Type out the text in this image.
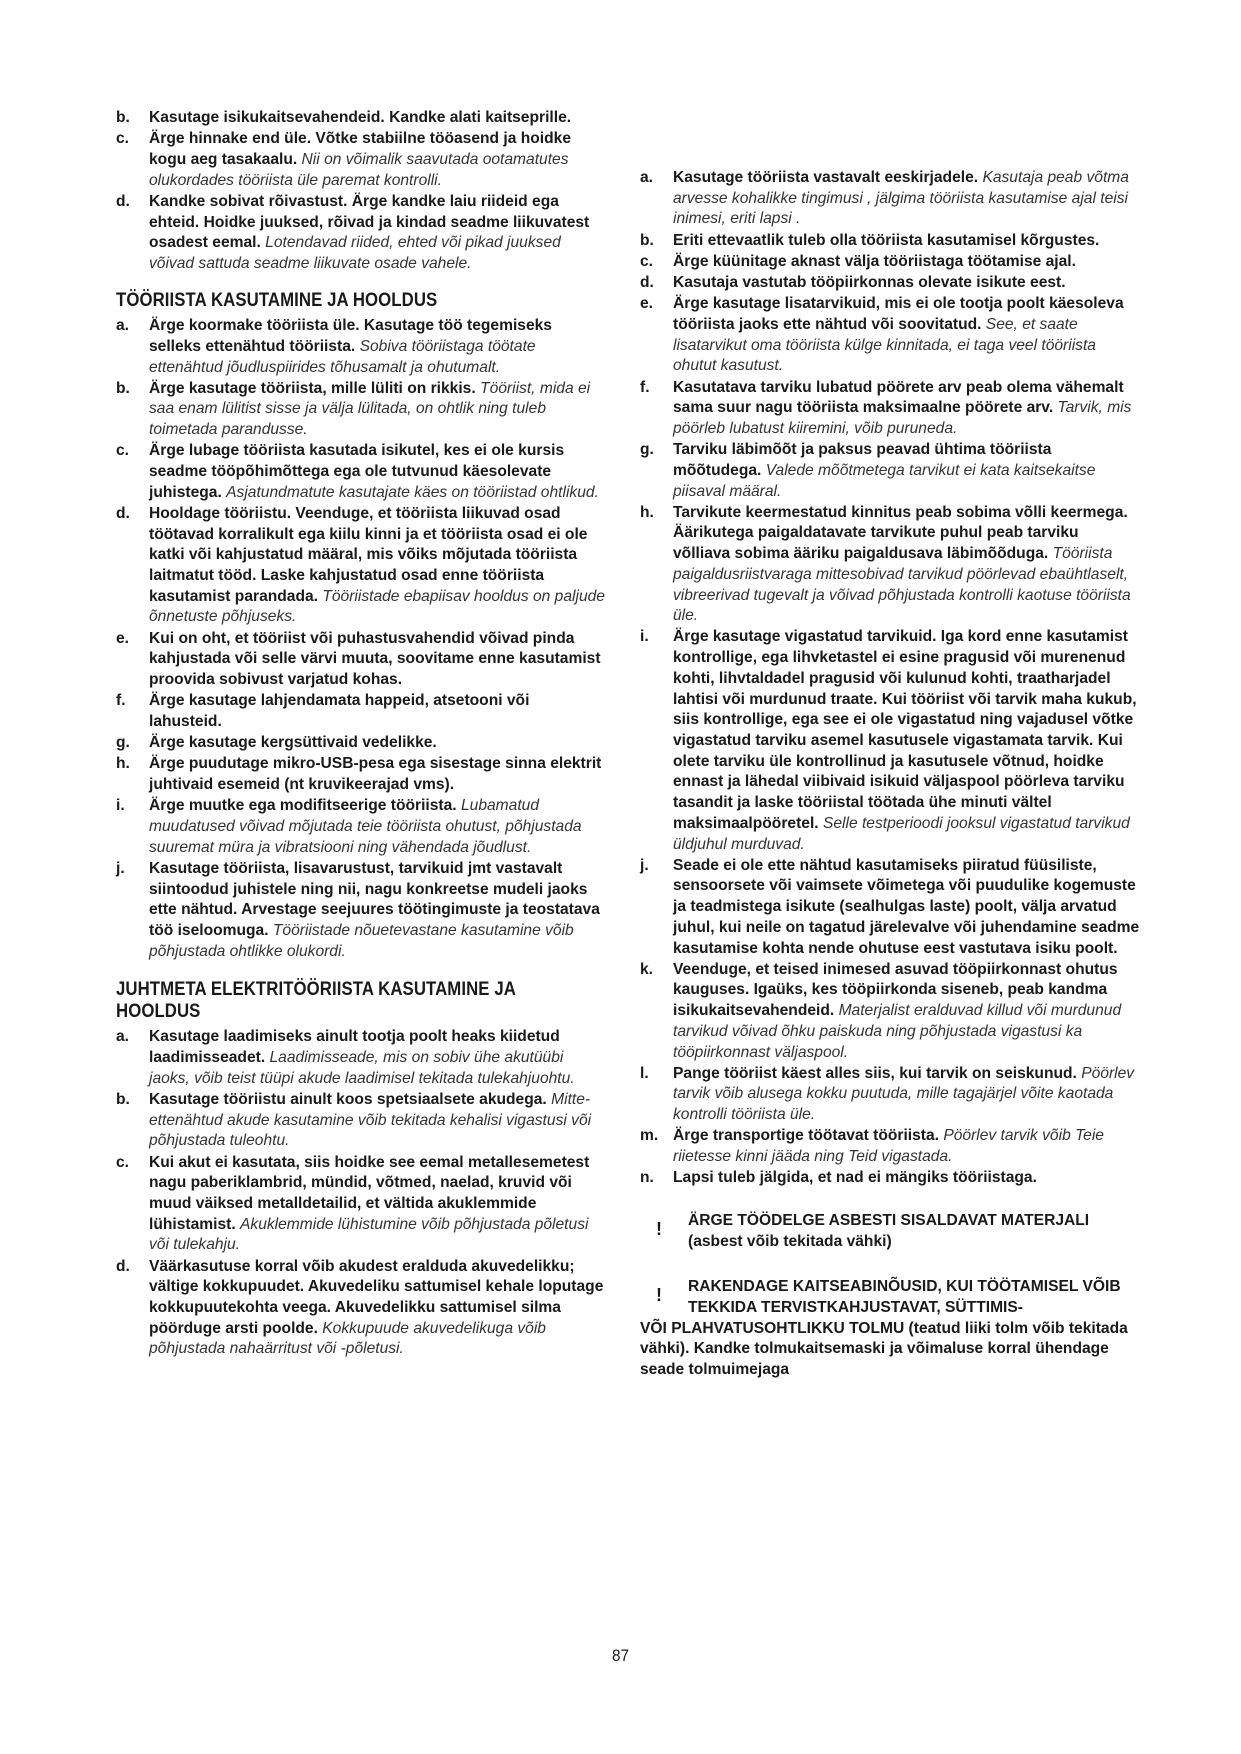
b. Kasutage isikukaitsevahendeid. Kandke alati kaitseprille.
c. Ärge hinnake end üle. Võtke stabiilne tööasend ja hoidke kogu aeg tasakaalu. Nii on võimalik saavutada ootamatutes olukordades tööriista üle paremat kontrolli.
d. Kandke sobivat rõivastust. Ärge kandke laiu riideid ega ehteid. Hoidke juuksed, rõivad ja kindad seadme liikuvatest osadest eemal. Lotendavad riided, ehted või pikad juuksed võivad sattuda seadme liikuvate osade vahele.
TÖÖRIISTA KASUTAMINE JA HOOLDUS
a. Ärge koormake tööriista üle. Kasutage töö tegemiseks selleks ettenähtud tööriista. Sobiva tööriistaga töötate ettenähtud jõudluspiirides tõhusamalt ja ohutumalt.
b. Ärge kasutage tööriista, mille lüliti on rikkis. Tööriist, mida ei saa enam lülitist sisse ja välja lülitada, on ohtlik ning tuleb toimetada parandusse.
c. Ärge lubage tööriista kasutada isikutel, kes ei ole kursis seadme tööpõhimõttega ega ole tutvunud käesolevate juhistega. Asjatundmatute kasutajate käes on tööriistad ohtlikud.
d. Hooldage tööriistu. Veenduge, et tööriista liikuvad osad töötavad korralikult ega kiilu kinni ja et tööriista osad ei ole katki või kahjustatud määral, mis võiks mõjutada tööriista laitmatut tööd. Laske kahjustatud osad enne tööriista kasutamist parandada. Tööriistade ebapiisav hooldus on paljude õnnetuste põhjuseks.
e. Kui on oht, et tööriist või puhastusvahendid võivad pinda kahjustada või selle värvi muuta, soovitame enne kasutamist proovida sobivust varjatud kohas.
f. Ärge kasutage lahjendamata happeid, atsetooni või lahusteid.
g. Ärge kasutage kergsüttivaid vedelikke.
h. Ärge puudutage mikro-USB-pesa ega sisestage sinna elektrit juhtivaid esemeid (nt kruvikeerajad vms).
i. Ärge muutke ega modifitseerige tööriista. Lubamatud muudatused võivad mõjutada teie tööriista ohutust, põhjustada suuremat müra ja vibratsiooni ning vähendada jõudlust.
j. Kasutage tööriista, lisavarustust, tarvikuid jmt vastavalt siintoodud juhistele ning nii, nagu konkreetse mudeli jaoks ette nähtud. Arvestage seejuures töötingimuste ja teostatava töö iseloomuga. Tööriistade nõuetevastane kasutamine võib põhjustada ohtlikke olukordi.
JUHTMETA ELEKTRITÖÖRIISTA KASUTAMINE JA HOOLDUS
a. Kasutage laadimiseks ainult tootja poolt heaks kiidetud laadimisseadet. Laadimisseade, mis on sobiv ühe akutüübi jaoks, võib teist tüüpi akude laadimisel tekitada tulekahjuohtu.
b. Kasutage tööriistu ainult koos spetsiaalsete akudega. Mitte-ettenähtud akude kasutamine võib tekitada kehalisi vigastusi või põhjustada tuleohtu.
c. Kui akut ei kasutata, siis hoidke see eemal metallesemetest nagu paberiklambrid, mündid, võtmed, naelad, kruvid või muud väiksed metalldetailid, et vältida akuklemmide lühistamist. Akuklemmide lühistumine võib põhjustada põletusi või tulekahju.
d. Väärkasutuse korral võib akudest eralduda akuvedelikku; vältige kokkupuudet. Akuvedeliku sattumisel kehale loputage kokkupuutekohta veega. Akuvedelikku sattumisel silma pöörduge arsti poolde. Kokkupuude akuvedelikuga võib põhjustada nahaärritust või -põletusi.
a. Kasutage tööriista vastavalt eeskirjadele. Kasutaja peab võtma arvesse kohalikke tingimusi , jälgima tööriista kasutamise ajal teisi inimesi, eriti lapsi .
b. Eriti ettevaatlik tuleb olla tööriista kasutamisel kõrgustes.
c. Ärge küünitage aknast välja tööriistaga töötamise ajal.
d. Kasutaja vastutab tööpiirkonnas olevate isikute eest.
e. Ärge kasutage lisatarvikuid, mis ei ole tootja poolt käesoleva tööriista jaoks ette nähtud või soovitatud. See, et saate lisatarvikut oma tööriista külge kinnitada, ei taga veel tööriista ohutut kasutust.
f. Kasutatava tarviku lubatud pöörete arv peab olema vähemalt sama suur nagu tööriista maksimaalne pöörete arv. Tarvik, mis pöörleb lubatust kiiremini, võib puruneda.
g. Tarviku läbimõõt ja paksus peavad ühtima tööriista mõõtudega. Valede mõõtmetega tarvikut ei kata kaitsekaitse piisaval määral.
h. Tarvikute keermestatud kinnitus peab sobima võlli keermega. Äärikutega paigaldatavate tarvikute puhul peab tarviku võlliava sobima ääriku paigaldusava läbimõõduga. Tööriista paigaldusriistvaraga mittesobivad tarvikud pöörlevad ebaühtlaselt, vibreerivad tugevalt ja võivad põhjustada kontrolli kaotuse tööriista üle.
i. Ärge kasutage vigastatud tarvikuid. Iga kord enne kasutamist kontrollige, ega lihvketastel ei esine pragusid või murenenud kohti, lihvtaldadel pragusid või kulunud kohti, traatharjadel lahtisi või murdunud traate. Kui tööriist või tarvik maha kukub, siis kontrollige, ega see ei ole vigastatud ning vajadusel võtke vigastatud tarviku asemel kasutusele vigastamata tarvik. Kui olete tarviku üle kontrollinud ja kasutusele võtnud, hoidke ennast ja lähedal viibivaid isikuid väljaspool pöörleva tarviku tasandit ja laske tööriistal töötada ühe minuti vältel maksimaalpööretel. Selle testperioodi jooksul vigastatud tarvikud üldjuhul murduvad.
j. Seade ei ole ette nähtud kasutamiseks piiratud füüsiliste, sensoorsete või vaimsete võimetega või puudulike kogemuste ja teadmistega isikute (sealhulgas laste) poolt, välja arvatud juhul, kui neile on tagatud järelevalve või juhendamine seadme kasutamise kohta nende ohutuse eest vastutava isiku poolt.
k. Veenduge, et teised inimesed asuvad tööpiirkonnast ohutus kauguses. Igaüks, kes tööpiirkonda siseneb, peab kandma isikukaitsevahendeid. Materjalist eralduvad killud või murdunud tarvikud võivad õhku paiskuda ning põhjustada vigastusi ka tööpiirkonnast väljaspool.
l. Pange tööriist käest alles siis, kui tarvik on seiskunud. Pöörlev tarvik võib alusega kokku puutuda, mille tagajärjel võite kaotada kontrolli tööriista üle.
m. Ärge transportige töötavat tööriista. Pöörlev tarvik võib Teie riietesse kinni jääda ning Teid vigastada.
n. Lapsi tuleb jälgida, et nad ei mängiks tööriistaga.
! ÄRGE TÖÖDELGE ASBESTI SISALDAVAT MATERJALI (asbest võib tekitada vähki)
! RAKENDAGE KAITSEABINÕUSID, KUI TÖÖTAMISEL VÕIB TEKKIDA TERVISTKAHJUSTAVAT, SÜTTIMIS-
VÕI PLAHVATUSOHTLIKKU TOLMU (teatud liiki tolm võib tekitada vähki). Kandke tolmukaitsemaski ja võimaluse korral ühendage seade tolmuimejaga
87
